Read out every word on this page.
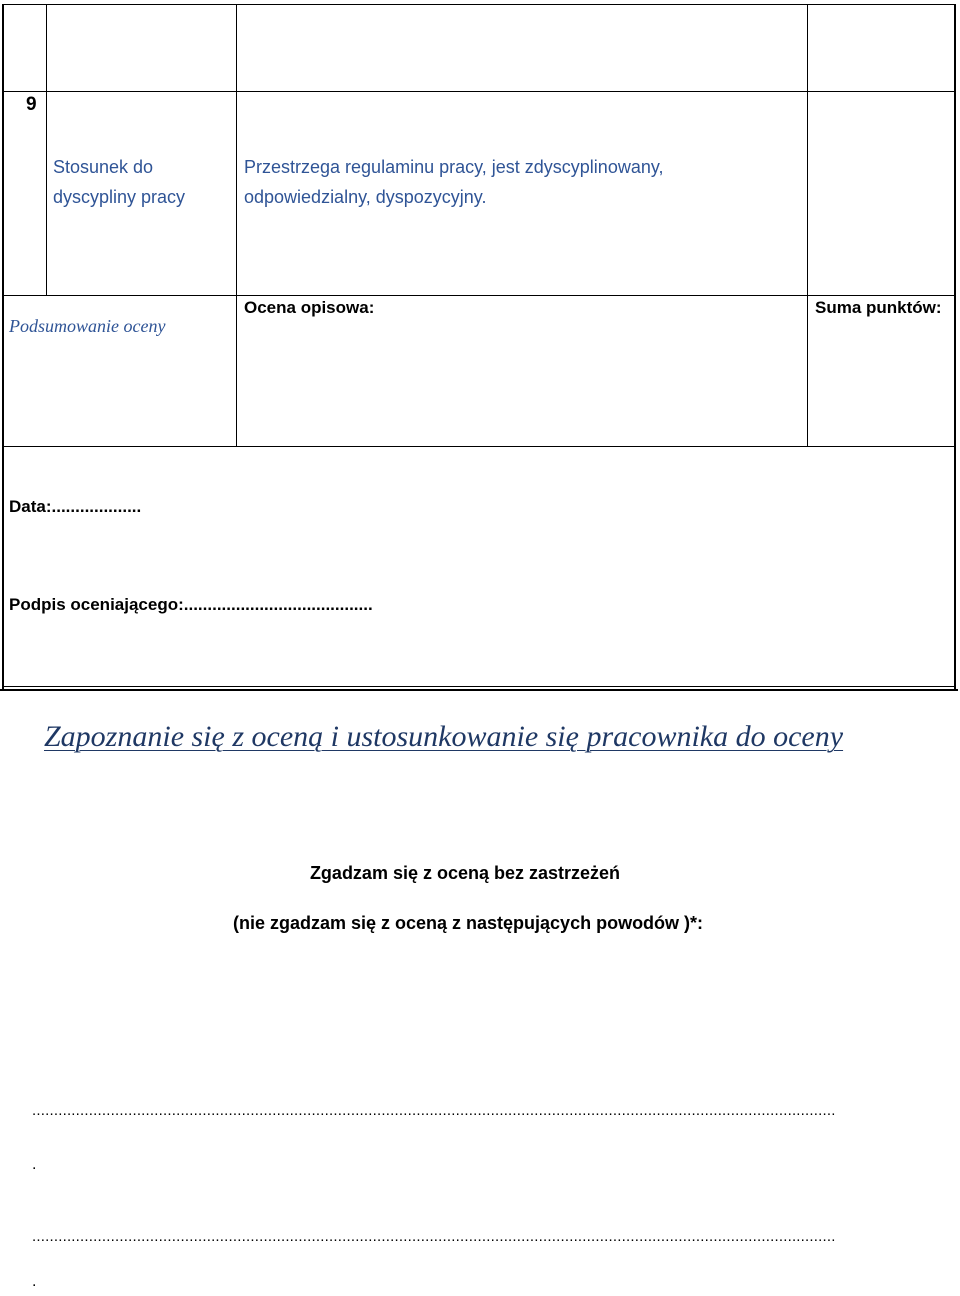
9
Stosunek do
dyscypliny pracy
Przestrzega regulaminu pracy, jest zdyscyplinowany,
odpowiedzialny, dyspozycyjny.
Podsumowanie oceny
Ocena opisowa:	Suma punktów:
Data:...................
Podpis oceniającego:........................................
Zapoznanie się z oceną i ustosunkowanie się pracownika do oceny
Zgadzam się z oceną bez zastrzeżeń
(nie zgadzam się z oceną z następujących powodów )*:
........................................................................................................................................................................................
.
........................................................................................................................................................................................
.
